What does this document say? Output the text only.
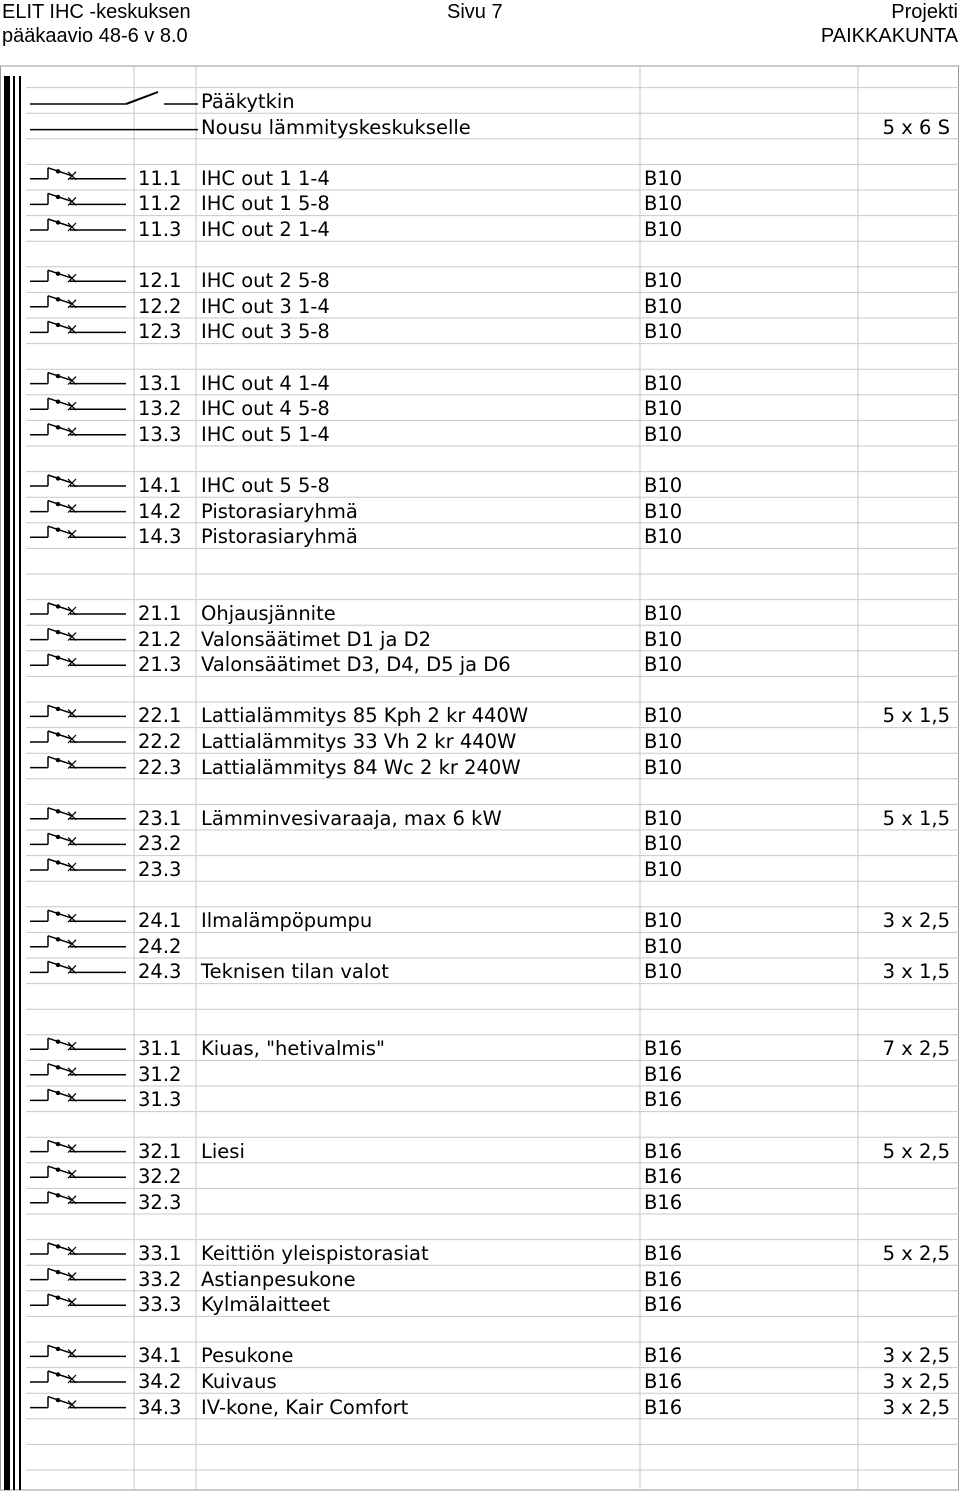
ELIT IHC -keskuksen
pääkaavio 48-6 v 8.0
Sivu 7	Projekti
PAIKKAKUNTA
Pääkytkin
Nousu lämmityskeskukselle	5 x 6 S
11.1 IHC out 1 1-4	B10
11.2 IHC out 1 5-8	B10
11.3 IHC out 2 1-4	B10
12.1 IHC out 2 5-8	B10
12.2 IHC out 3 1-4	B10
12.3 IHC out 3 5-8	B10
13.1 IHC out 4 1-4	B10
13.2 IHC out 4 5-8	B10
13.3 IHC out 5 1-4	B10
14.1 IHC out 5 5-8	B10
14.2 Pistorasiaryhmä	B10
14.3 Pistorasiaryhmä	B10
21.1 Ohjausjännite	B10
21.2 Valonsäätimet D1 ja D2	B10
21.3 Valonsäätimet D3, D4, D5 ja D6	B10
22.1 Lattialämmitys 85 Kph 2 kr 440W	B10	5 x 1,5
22.2 Lattialämmitys 33 Vh 2 kr 440W	B10
22.3 Lattialämmitys 84 Wc 2 kr 240W	B10
23.1 Lämminvesivaraaja, max 6 kW	B10	5 x 1,5
23.2	B10
23.3	B10
24.1 Ilmalämpöpumpu	B10	3 x 2,5
24.2	B10
24.3 Teknisen tilan valot	B10	3 x 1,5
31.1 Kiuas, "hetivalmis"	B16	7 x 2,5
31.2	B16
31.3	B16
32.1 Liesi	B16	5 x 2,5
32.2	B16
32.3	B16
33.1 Keittiön yleispistorasiat	B16	5 x 2,5
33.2 Astianpesukone	B16
33.3 Kylmälaitteet	B16
34.1 Pesukone	B16	3 x 2,5
34.2 Kuivaus	B16	3 x 2,5
34.3 IV-kone, Kair Comfort	B16	3 x 2,5
